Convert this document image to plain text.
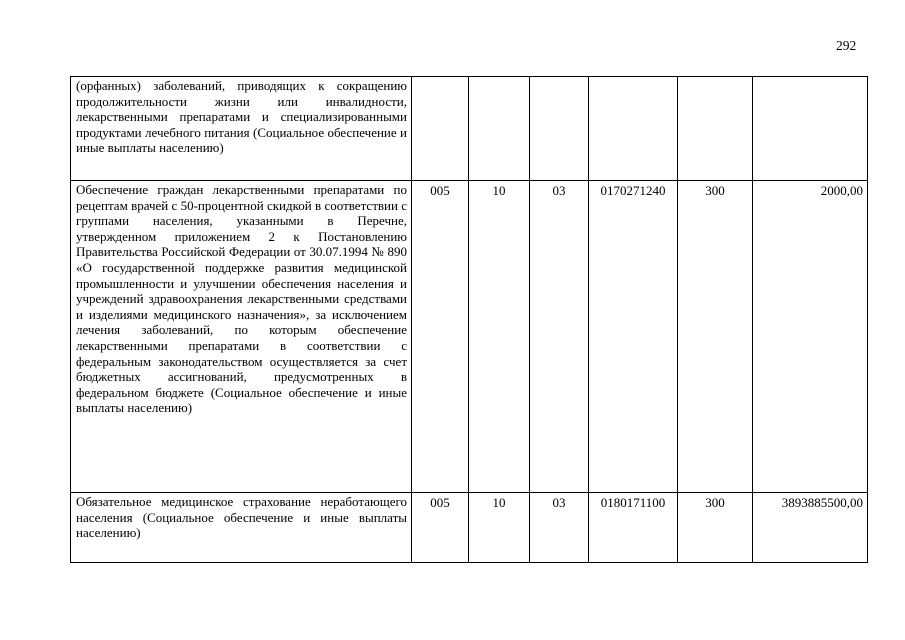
292
(орфанных) заболеваний, приводящих к сокращению продолжительности жизни или инвалидности, лекарственными препаратами и специализированными продуктами лечебного питания (Социальное обеспечение и иные выплаты населению)						

Обеспечение граждан лекарственными препаратами по рецептам врачей с 50-процентной скидкой в соответствии с группами населения, указанными в Перечне, утвержденном приложением 2 к Постановлению Правительства Российской Федерации от 30.07.1994 № 890 «О государственной поддержке развития медицинской промышленности и улучшении обеспечения населения и учреждений здравоохранения лекарственными средствами и изделиями медицинского назначения», за исключением лечения заболеваний, по которым обеспечение лекарственными препаратами в соответствии с федеральным законодательством осуществляется за счет бюджетных ассигнований, предусмотренных в федеральном бюджете (Социальное обеспечение и иные выплаты населению)	005	10	03	0170271240	300	2000,00

Обязательное медицинское страхование неработающего населения (Социальное обеспечение и иные выплаты населению)	005	10	03	0180171100	300	3893885500,00
